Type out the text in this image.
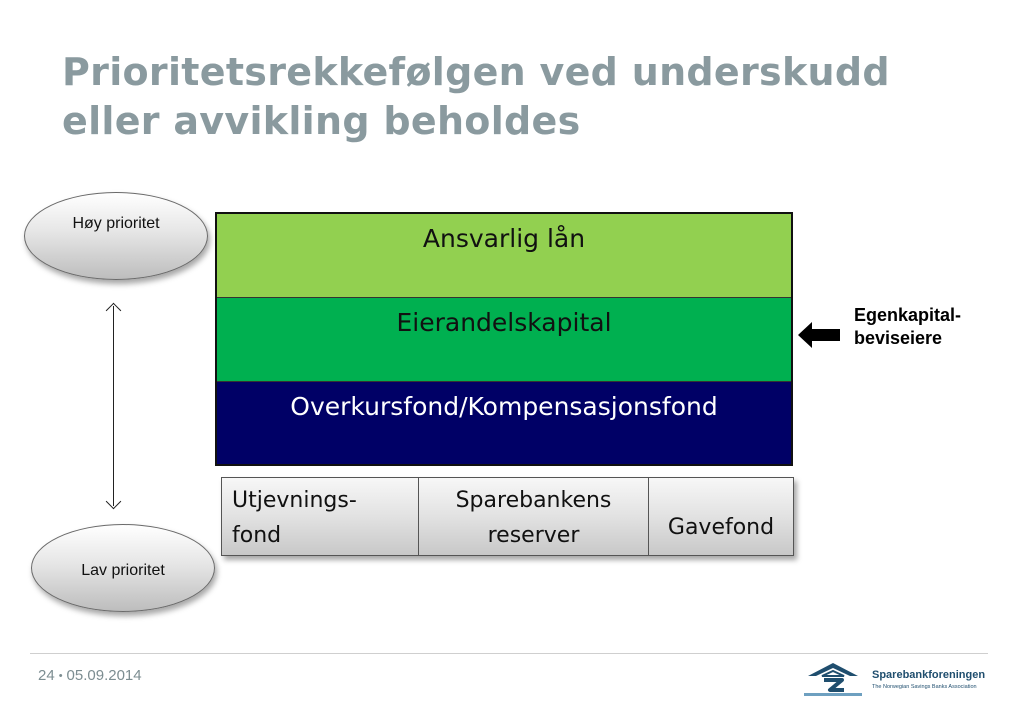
Prioritetsrekkefølgen ved underskudd
eller avvikling beholdes
Høy prioritet
Lav prioritet
Ansvarlig lån
Eierandelskapital
Overkursfond/Kompensasjonsfond
Egenkapital-
beviseiere
Utjevnings-
fond
Sparebankens
reserver	Gavefond
24 • 05.09.2014	Sparebankforeningen
The Norwegian Savings Banks Association
